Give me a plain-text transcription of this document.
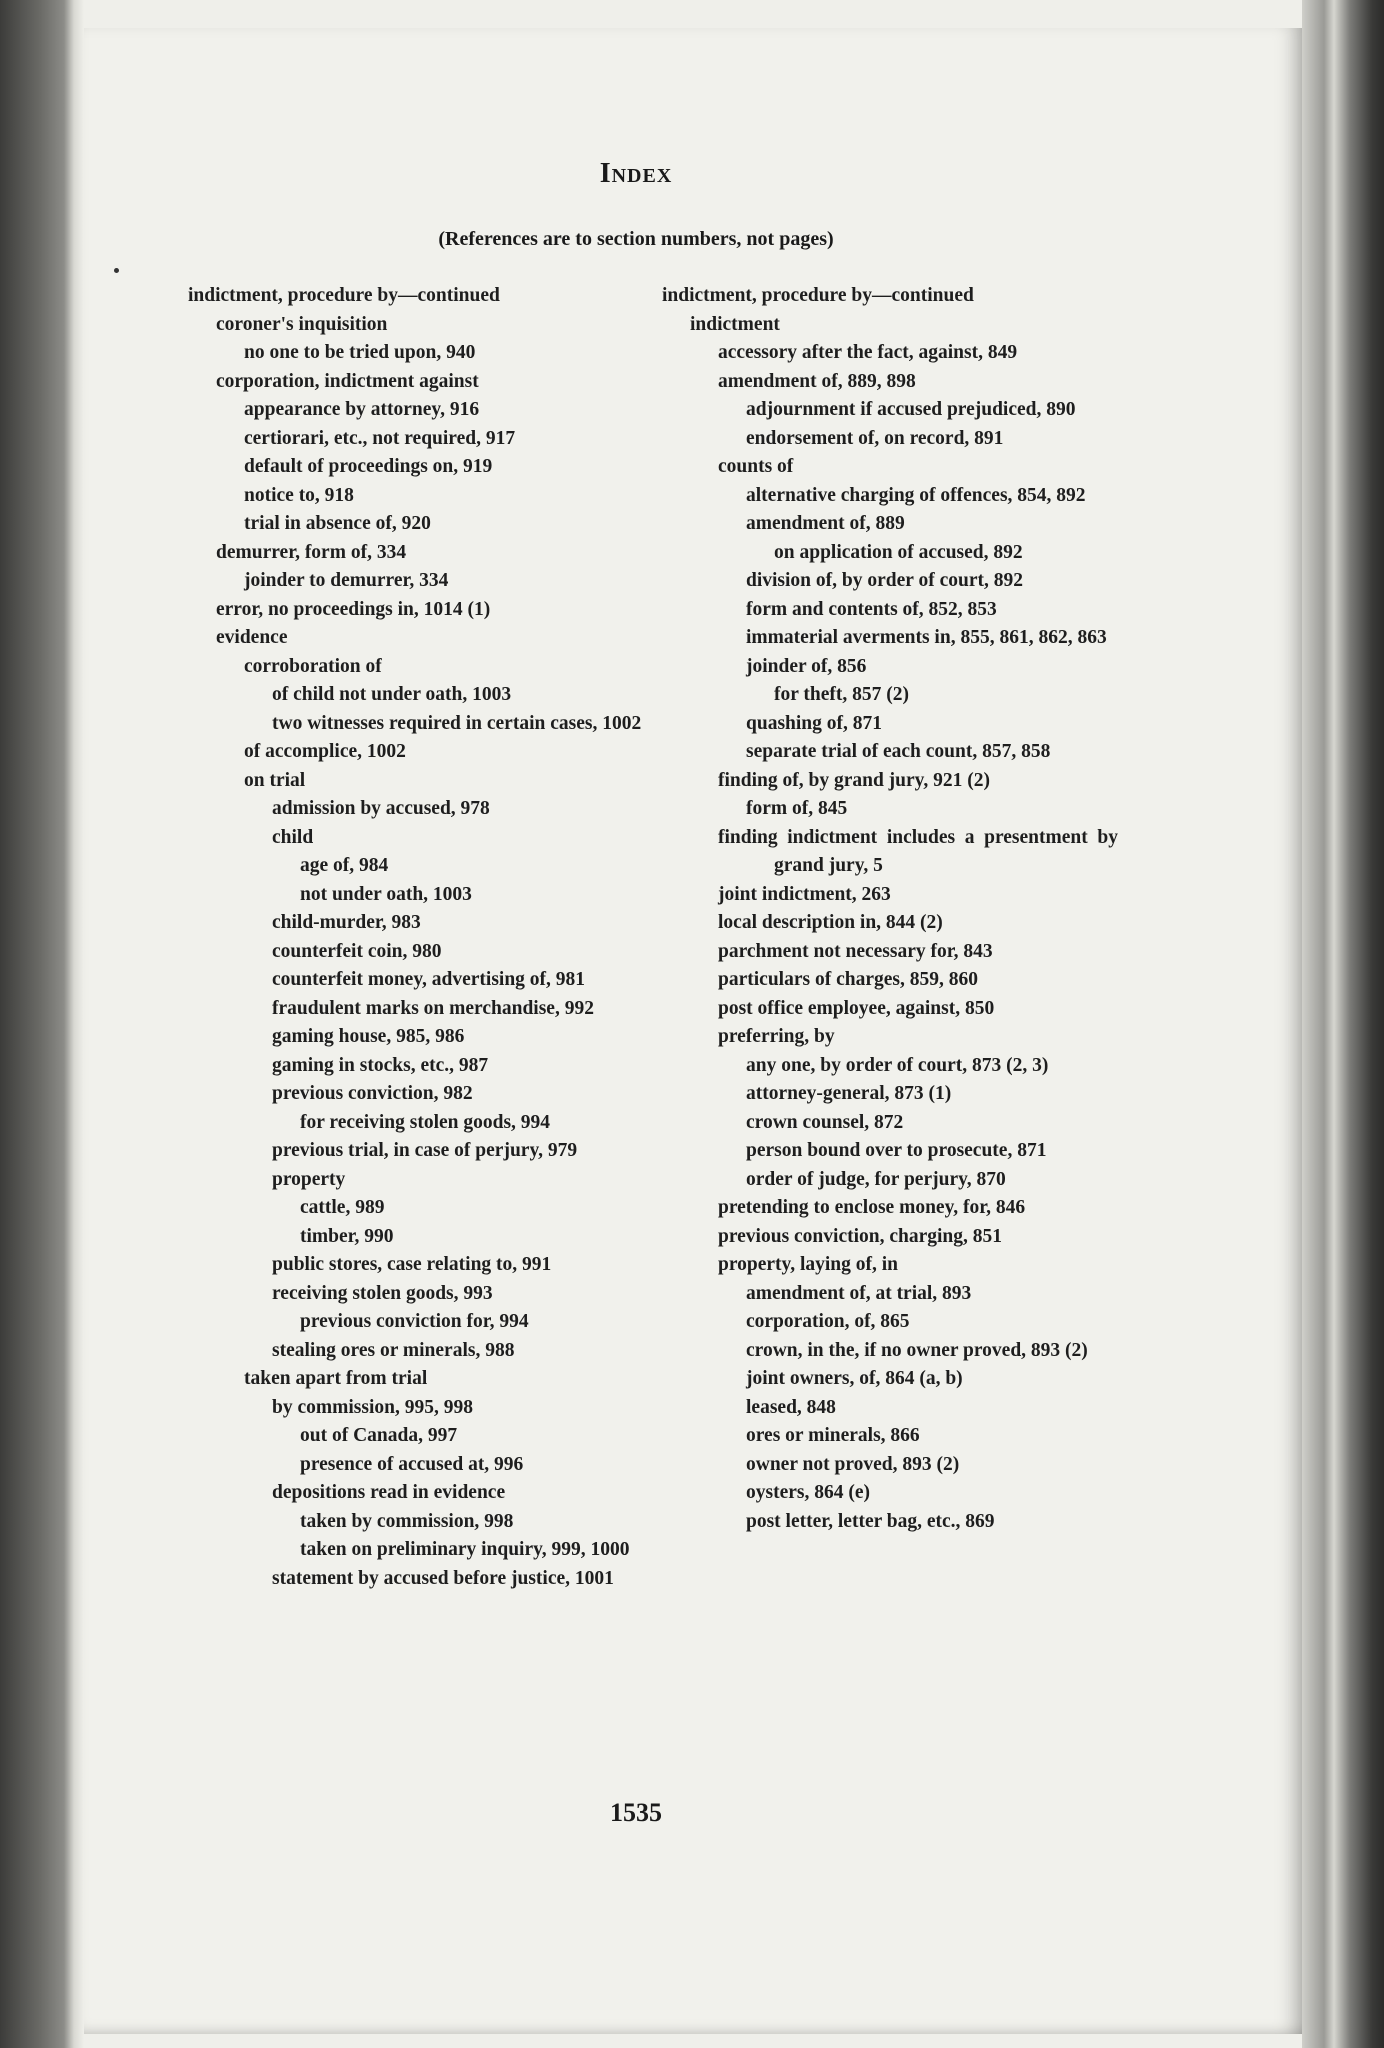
Index
(References are to section numbers, not pages)
indictment, procedure by—continued
coroner's inquisition
no one to be tried upon, 940
corporation, indictment against
appearance by attorney, 916
certiorari, etc., not required, 917
default of proceedings on, 919
notice to, 918
trial in absence of, 920
demurrer, form of, 334
joinder to demurrer, 334
error, no proceedings in, 1014 (1)
evidence
corroboration of
of child not under oath, 1003
two witnesses required in certain cases, 1002
of accomplice, 1002
on trial
admission by accused, 978
child
age of, 984
not under oath, 1003
child-murder, 983
counterfeit coin, 980
counterfeit money, advertising of, 981
fraudulent marks on merchandise, 992
gaming house, 985, 986
gaming in stocks, etc., 987
previous conviction, 982
for receiving stolen goods, 994
previous trial, in case of perjury, 979
property
cattle, 989
timber, 990
public stores, case relating to, 991
receiving stolen goods, 993
previous conviction for, 994
stealing ores or minerals, 988
taken apart from trial
by commission, 995, 998
out of Canada, 997
presence of accused at, 996
depositions read in evidence
taken by commission, 998
taken on preliminary inquiry, 999, 1000
statement by accused before justice, 1001
indictment, procedure by—continued
indictment
accessory after the fact, against, 849
amendment of, 889, 898
adjournment if accused prejudiced, 890
endorsement of, on record, 891
counts of
alternative charging of offences, 854, 892
amendment of, 889
on application of accused, 892
division of, by order of court, 892
form and contents of, 852, 853
immaterial averments in, 855, 861, 862, 863
joinder of, 856
for theft, 857 (2)
quashing of, 871
separate trial of each count, 857, 858
finding of, by grand jury, 921 (2)
form of, 845
finding indictment includes a presentment by grand jury, 5
joint indictment, 263
local description in, 844 (2)
parchment not necessary for, 843
particulars of charges, 859, 860
post office employee, against, 850
preferring, by
any one, by order of court, 873 (2, 3)
attorney-general, 873 (1)
crown counsel, 872
person bound over to prosecute, 871
order of judge, for perjury, 870
pretending to enclose money, for, 846
previous conviction, charging, 851
property, laying of, in
amendment of, at trial, 893
corporation, of, 865
crown, in the, if no owner proved, 893 (2)
joint owners, of, 864 (a, b)
leased, 848
ores or minerals, 866
owner not proved, 893 (2)
oysters, 864 (e)
post letter, letter bag, etc., 869
1535
